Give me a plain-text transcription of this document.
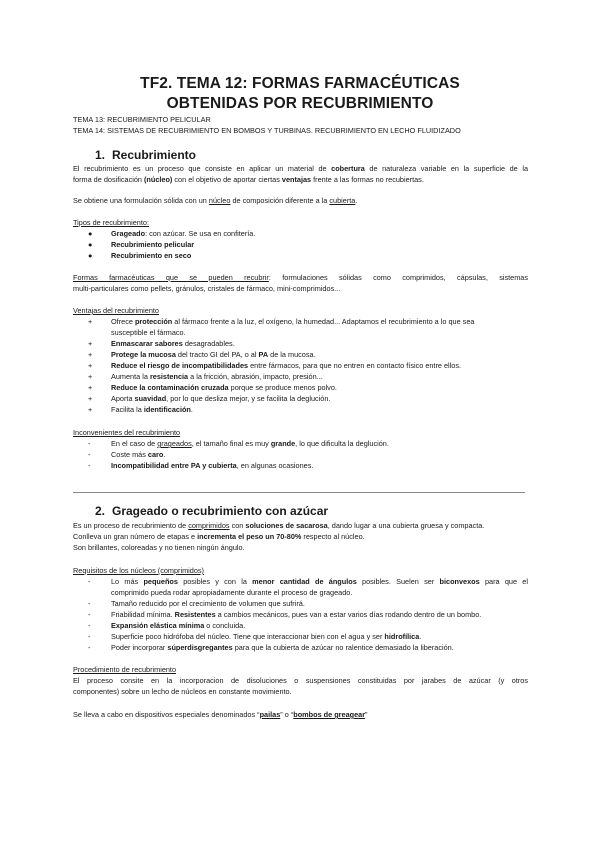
TF2. TEMA 12: FORMAS FARMACÉUTICAS
OBTENIDAS POR RECUBRIMIENTO
TEMA 13: RECUBRIMIENTO PELICULAR
TEMA 14: SISTEMAS DE RECUBRIMIENTO EN BOMBOS Y TURBINAS. RECUBRIMIENTO EN LECHO FLUIDIZADO
1. Recubrimiento
El recubrimiento es un proceso que consiste en aplicar un material de cobertura de naturaleza variable en la superficie de la
forma de dosificación (núcleo) con el objetivo de aportar ciertas ventajas frente a las formas no recubiertas.
Se obtiene una formulación sólida con un núcleo de composición diferente a la cubierta.
Tipos de recubrimiento:
●	Grageado: con azúcar. Se usa en confitería.
●	Recubrimiento pelicular
●	Recubrimiento en seco
Formas farmacéuticas que se pueden recubrir: formulaciones sólidas como comprimidos, cápsulas, sistemas
multi-particulares como pellets, gránulos, cristales de fármaco, mini-comprimidos...
Ventajas del recubrimiento
+	Ofrece protección al fármaco frente a la luz, el oxígeno, la humedad... Adaptamos el recubrimiento a lo que sea
susceptible el fármaco.
+	Enmascarar sabores desagradables.
+	Protege la mucosa del tracto GI del PA, o al PA de la mucosa.
+	Reduce el riesgo de incompatibilidades entre fármacos, para que no entren en contacto físico entre ellos.
+	Aumenta la resistencia a la fricción, abrasión, impacto, presión...
+	Reduce la contaminación cruzada porque se produce menos polvo.
+	Aporta suavidad, por lo que desliza mejor, y se facilita la deglución.
+	Facilita la identificación.
Inconvenientes del recubrimiento
-	En el caso de grageados, el tamaño final es muy grande, lo que dificulta la deglución.
-	Coste más caro.
-	Incompatibilidad entre PA y cubierta, en algunas ocasiones.
2. Grageado o recubrimiento con azúcar
Es un proceso de recubrimiento de comprimidos con soluciones de sacarosa, dando lugar a una cubierta gruesa y compacta.
Conlleva un gran número de etapas e incrementa el peso un 70-80% respecto al núcleo.
Son brillantes, coloreadas y no tienen ningún ángulo.
Requisitos de los núcleos (comprimidos)
-	Lo más pequeños posibles y con la menor cantidad de ángulos posibles. Suelen ser biconvexos para que el
comprimido pueda rodar apropiadamente durante el proceso de grageado.
-	Tamaño reducido por el crecimiento de volumen que sufrirá.
-	Friabilidad mínima. Resistentes a cambios mecánicos, pues van a estar varios días rodando dentro de un bombo.
-	Expansión elástica mínima o concluida.
-	Superficie poco hidrófoba del núcleo. Tiene que interaccionar bien con el agua y ser hidrofílica.
-	Poder incorporar súperdisgregantes para que la cubierta de azúcar no ralentice demasiado la liberación.
Procedimiento de recubrimiento
El proceso consite en la incorporacion de disoluciones o suspensiones constituidas por jarabes de azúcar (y otros
componentes) sobre un lecho de núcleos en constante movimiento.
Se lleva a cabo en dispositivos especiales denominados “pailas” o “bombos de greagear”
